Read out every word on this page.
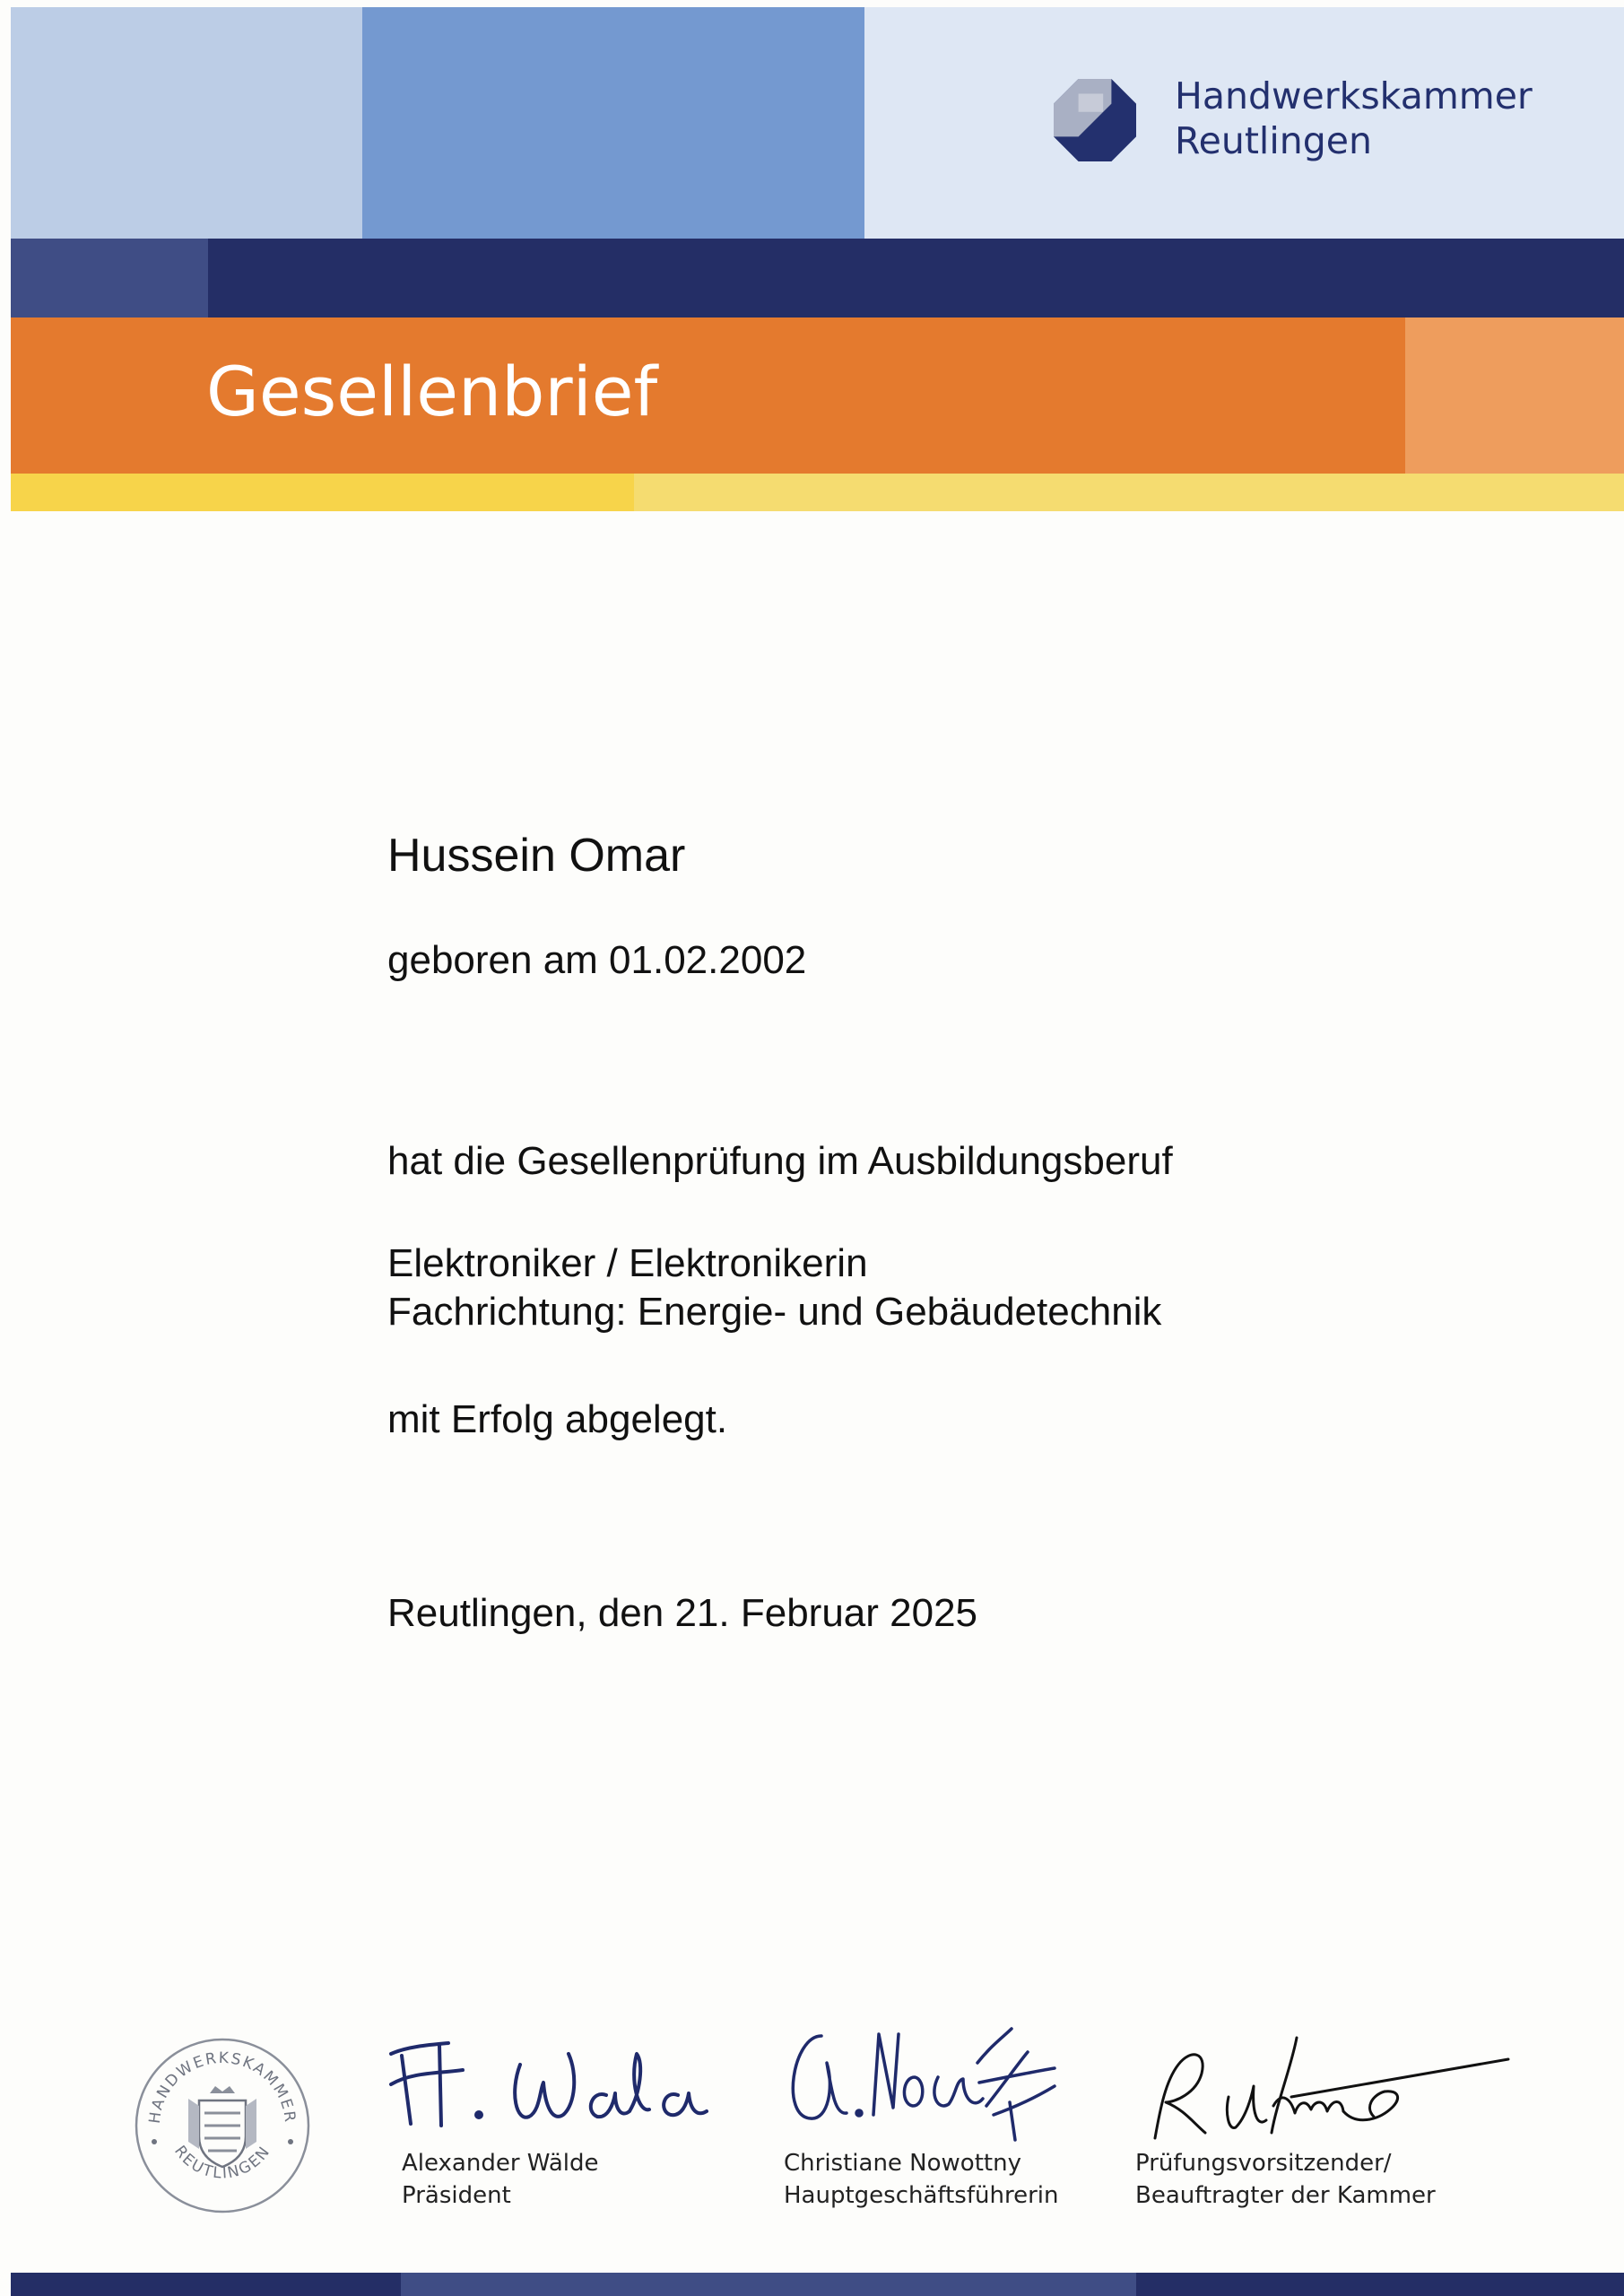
Handwerkskammer
Reutlingen
Gesellenbrief
Hussein Omar
geboren am 01.02.2002
hat die Gesellenprüfung im Ausbildungsberuf
Elektroniker / Elektronikerin
Fachrichtung: Energie- und Gebäudetechnik
mit Erfolg abgelegt.
Reutlingen, den 21. Februar 2025
HANDWERKSKAMMER
REUTLINGEN	Alexander Wälde
Präsident
Christiane Nowottny
Hauptgeschäftsführerin
Prüfungsvorsitzender/
Beauftragter der Kammer
